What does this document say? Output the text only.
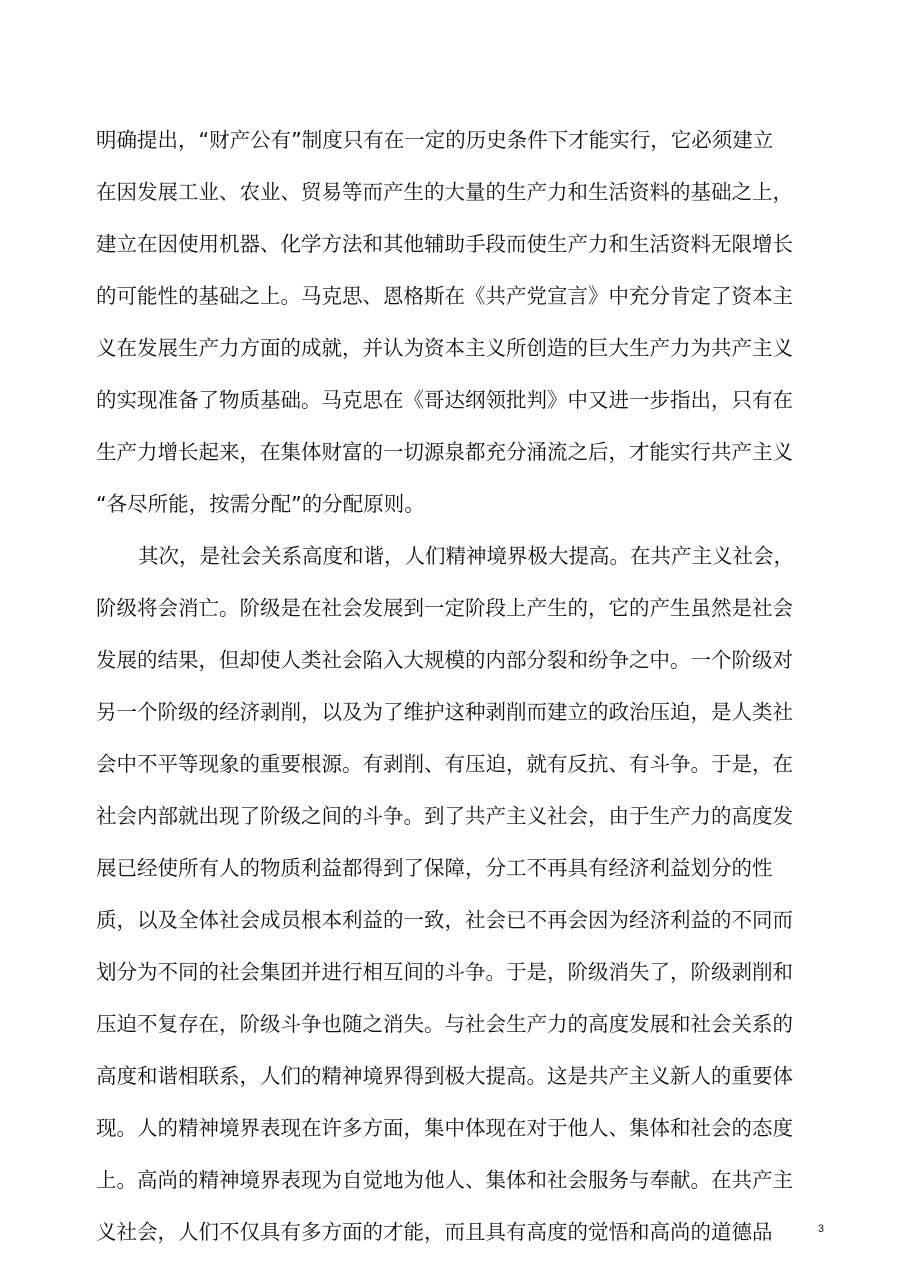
明确提出，“财产公有”制度只有在一定的历史条件下才能实行，它必须建立
在因发展工业、农业、贸易等而产生的大量的生产力和生活资料的基础之上，
建立在因使用机器、化学方法和其他辅助手段而使生产力和生活资料无限增长
的可能性的基础之上。马克思、恩格斯在《共产党宣言》中充分肯定了资本主
义在发展生产力方面的成就，并认为资本主义所创造的巨大生产力为共产主义
的实现准备了物质基础。马克思在《哥达纲领批判》中又进一步指出，只有在
生产力增长起来，在集体财富的一切源泉都充分涌流之后，才能实行共产主义
“各尽所能，按需分配”的分配原则。
其次，是社会关系高度和谐，人们精神境界极大提高。在共产主义社会，
阶级将会消亡。阶级是在社会发展到一定阶段上产生的，它的产生虽然是社会
发展的结果，但却使人类社会陷入大规模的内部分裂和纷争之中。一个阶级对
另一个阶级的经济剥削，以及为了维护这种剥削而建立的政治压迫，是人类社
会中不平等现象的重要根源。有剥削、有压迫，就有反抗、有斗争。于是，在
社会内部就出现了阶级之间的斗争。到了共产主义社会，由于生产力的高度发
展已经使所有人的物质利益都得到了保障，分工不再具有经济利益划分的性
质，以及全体社会成员根本利益的一致，社会已不再会因为经济利益的不同而
划分为不同的社会集团并进行相互间的斗争。于是，阶级消失了，阶级剥削和
压迫不复存在，阶级斗争也随之消失。与社会生产力的高度发展和社会关系的
高度和谐相联系，人们的精神境界得到极大提高。这是共产主义新人的重要体
现。人的精神境界表现在许多方面，集中体现在对于他人、集体和社会的态度
上。高尚的精神境界表现为自觉地为他人、集体和社会服务与奉献。在共产主
义社会，人们不仅具有多方面的才能，而且具有高度的觉悟和高尚的道德品	3
